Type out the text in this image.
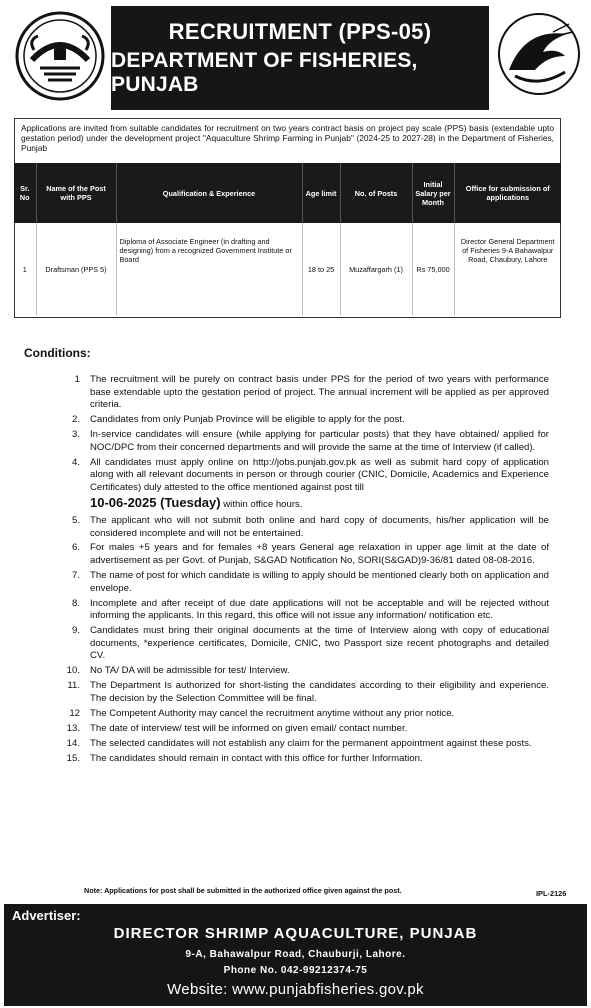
RECRUITMENT (PPS-05)
DEPARTMENT OF FISHERIES, PUNJAB

Applications are invited from suitable candidates for recruitment on two years contract basis on project pay scale (PPS) basis (extendable upto gestation period) under the development project "Aquaculture Shrimp Farming in Punjab" (2024-25 to 2027-28) in the Department of Fisheries, Punjab

Sr. No	Name of the Post with PPS	Qualification & Experience	Age limit	No. of Posts	Initial Salary per Month	Office for submission of applications
1	Draftsman (PPS 5)	Diploma of Associate Engineer (in drafting and designing) from a recognized Government Institute or Board	18 to 25	Muzaffargarh (1)	Rs 75,000	Director General Department of Fisheries 9-A Bahawalpur Road, Chaubury, Lahore
Conditions:
1	The recruitment will be purely on contract basis under PPS for the period of two years with performance base extendable upto the gestation period of project. The annual increment will be applied as per approved criteria.
2.	Candidates from only Punjab Province will be eligible to apply for the post.
3.	In-service candidates will ensure (while applying for particular posts) that they have obtained/ applied for NOC/DPC from their concerned departments and will provide the same at the time of Interview (if called).
4.	All candidates must apply online on http://jobs.punjab.gov.pk as well as submit hard copy of application along with all relevant documents in person or through courier (CNIC, Domicile, Academics and Experience Certificates) duly attested to the office mentioned against post till
10-06-2025 (Tuesday) within office hours.
5.	The applicant who will not submit both online and hard copy of documents, his/her application will be considered incomplete and will not be entertained.
6.	For males +5 years and for females +8 years General age relaxation in upper age limit at the date of advertisement as per Govt. of Punjab, S&GAD Notification No, SORI(S&GAD)9-36/81 dated 08-08-2016.
7.	The name of post for which candidate is willing to apply should be mentioned clearly both on application and envelope.
8.	Incomplete and after receipt of due date applications will not be acceptable and will be rejected without informing the applicants. In this regard, this office will not issue any information/ notification etc.
9.	Candidates must bring their original documents at the time of Interview along with copy of educational documents, *experience certificates, Domicile, CNIC, two Passport size recent photographs and detailed CV.
10.	No TA/ DA will be admissible for test/ Interview.
11.	The Department Is authorized for short-listing the candidates according to their eligibility and experience. The decision by the Selection Committee will be final.
12	The Competent Authority may cancel the recruitment anytime without any prior notice.
13.	The date of interview/ test will be informed on given email/ contact number.
14.	The selected candidates will not establish any claim for the permanent appointment against these posts.
15.	The candidates should remain in contact with this office for further Information.
Note: Applications for post shall be submitted in the authorized office given against the post.	IPL-2126
Advertiser:
DIRECTOR SHRIMP AQUACULTURE, PUNJAB
9-A, Bahawalpur Road, Chauburji, Lahore.
Phone No. 042-99212374-75
Website: www.punjabfisheries.gov.pk
